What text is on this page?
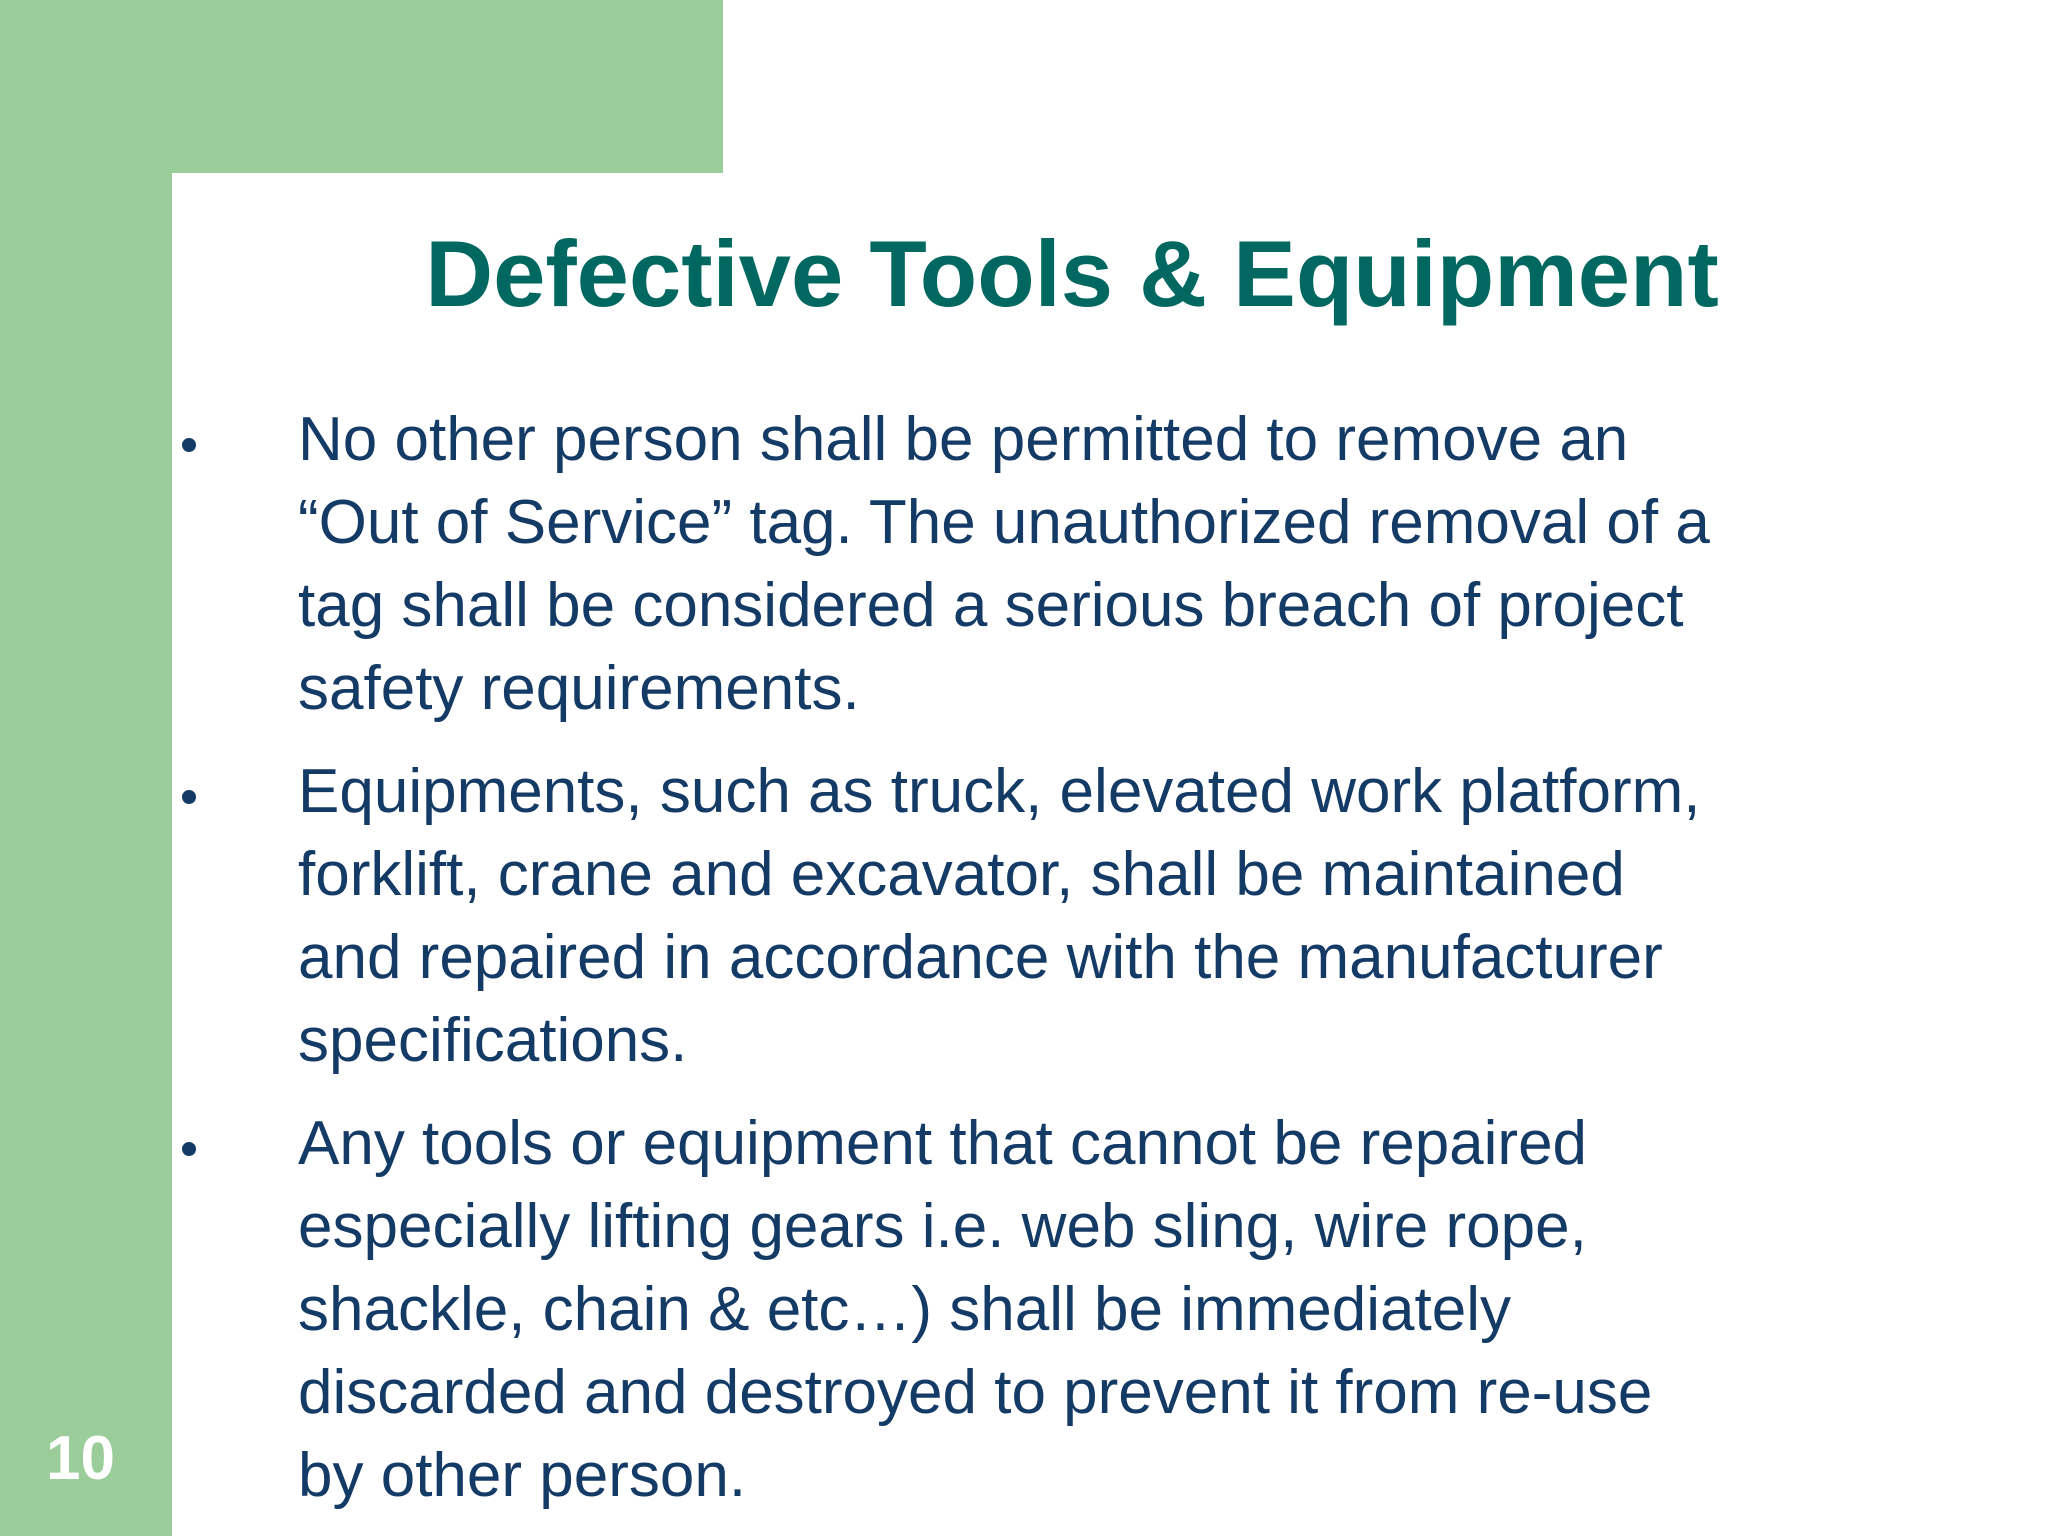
Defective Tools & Equipment
No other person shall be permitted to remove an
“Out of Service” tag. The unauthorized removal of a
tag shall be considered a serious breach of project
safety requirements.
Equipments, such as truck, elevated work platform,
forklift, crane and excavator, shall be maintained
and repaired in accordance with the manufacturer
specifications.
Any tools or equipment that cannot be repaired
especially lifting gears i.e. web sling, wire rope,
shackle, chain & etc…) shall be immediately
discarded and destroyed to prevent it from re-use
by other person.
10
